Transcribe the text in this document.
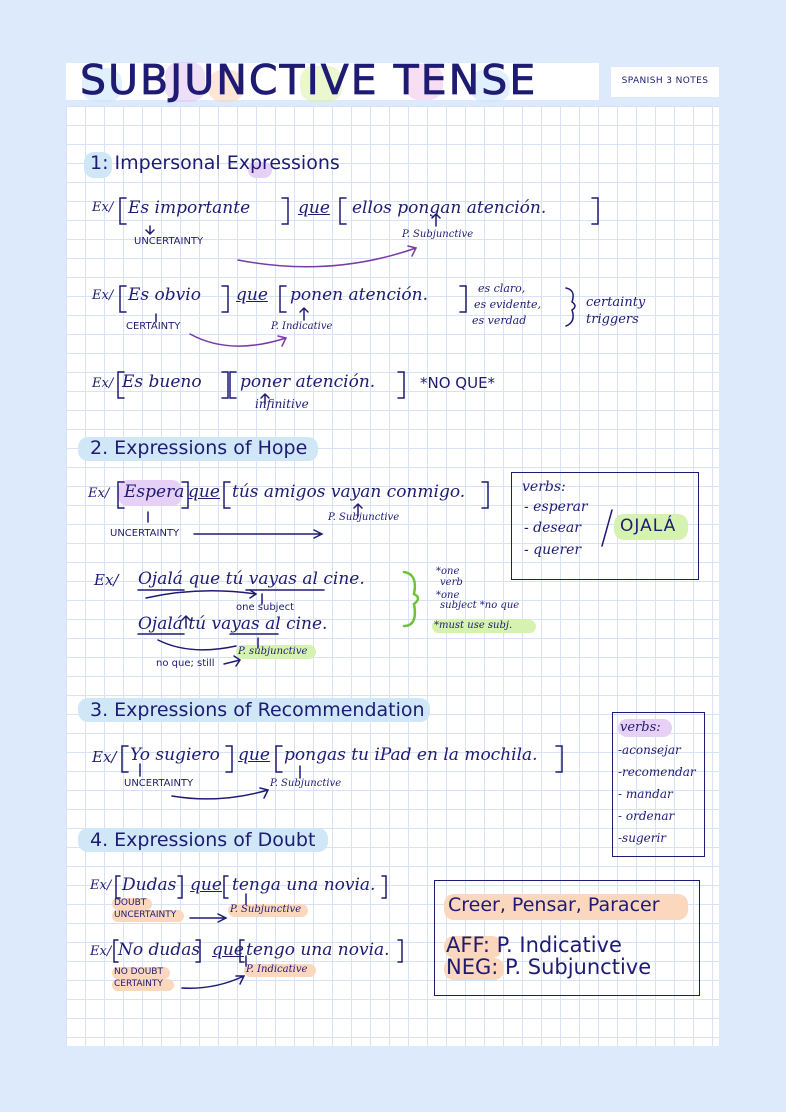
SUBJUNCTIVE TENSE	SPANISH 3 NOTES
1: Impersonal Expressions
Ex/ Es importante	que ellos pongan atención.
UNCERTAINTY
P. Subjunctive
Ex/ Es obvio que ponen atención.
CERTAINTY	P. Indicative
es claro,
es evidente,
es verdad
certainty
triggers
Ex/ Es bueno poner atención.	*NO QUE*
infinitive
2. Expressions of Hope
Ex/ Espera que tús amigos vayan conmigo.
UNCERTAINTY
P. Subjunctive
Ex/ Ojalá que tú vayas al cine.
one subject
Ojalá tú vayas al cine.
no que; still
P. subjunctive
*one
verb
*one
subject *no que
*must use subj.
verbs:
- esperar
- desear
- querer
OJALÁ
3. Expressions of Recommendation
Ex/ Yo sugiero que pongas tu iPad en la mochila.
UNCERTAINTY	P. Subjunctive
verbs:
-aconsejar
-recomendar
- mandar
- ordenar
-sugerir
4. Expressions of Doubt
Ex/ Dudas que tenga una novia.
DOUBT
UNCERTAINTY	P. Subjunctive
Ex/ No dudas que tengo una novia.
NO DOUBT
CERTAINTY
P. Indicative
Creer, Pensar, Paracer
AFF: P. Indicative
NEG: P. Subjunctive
